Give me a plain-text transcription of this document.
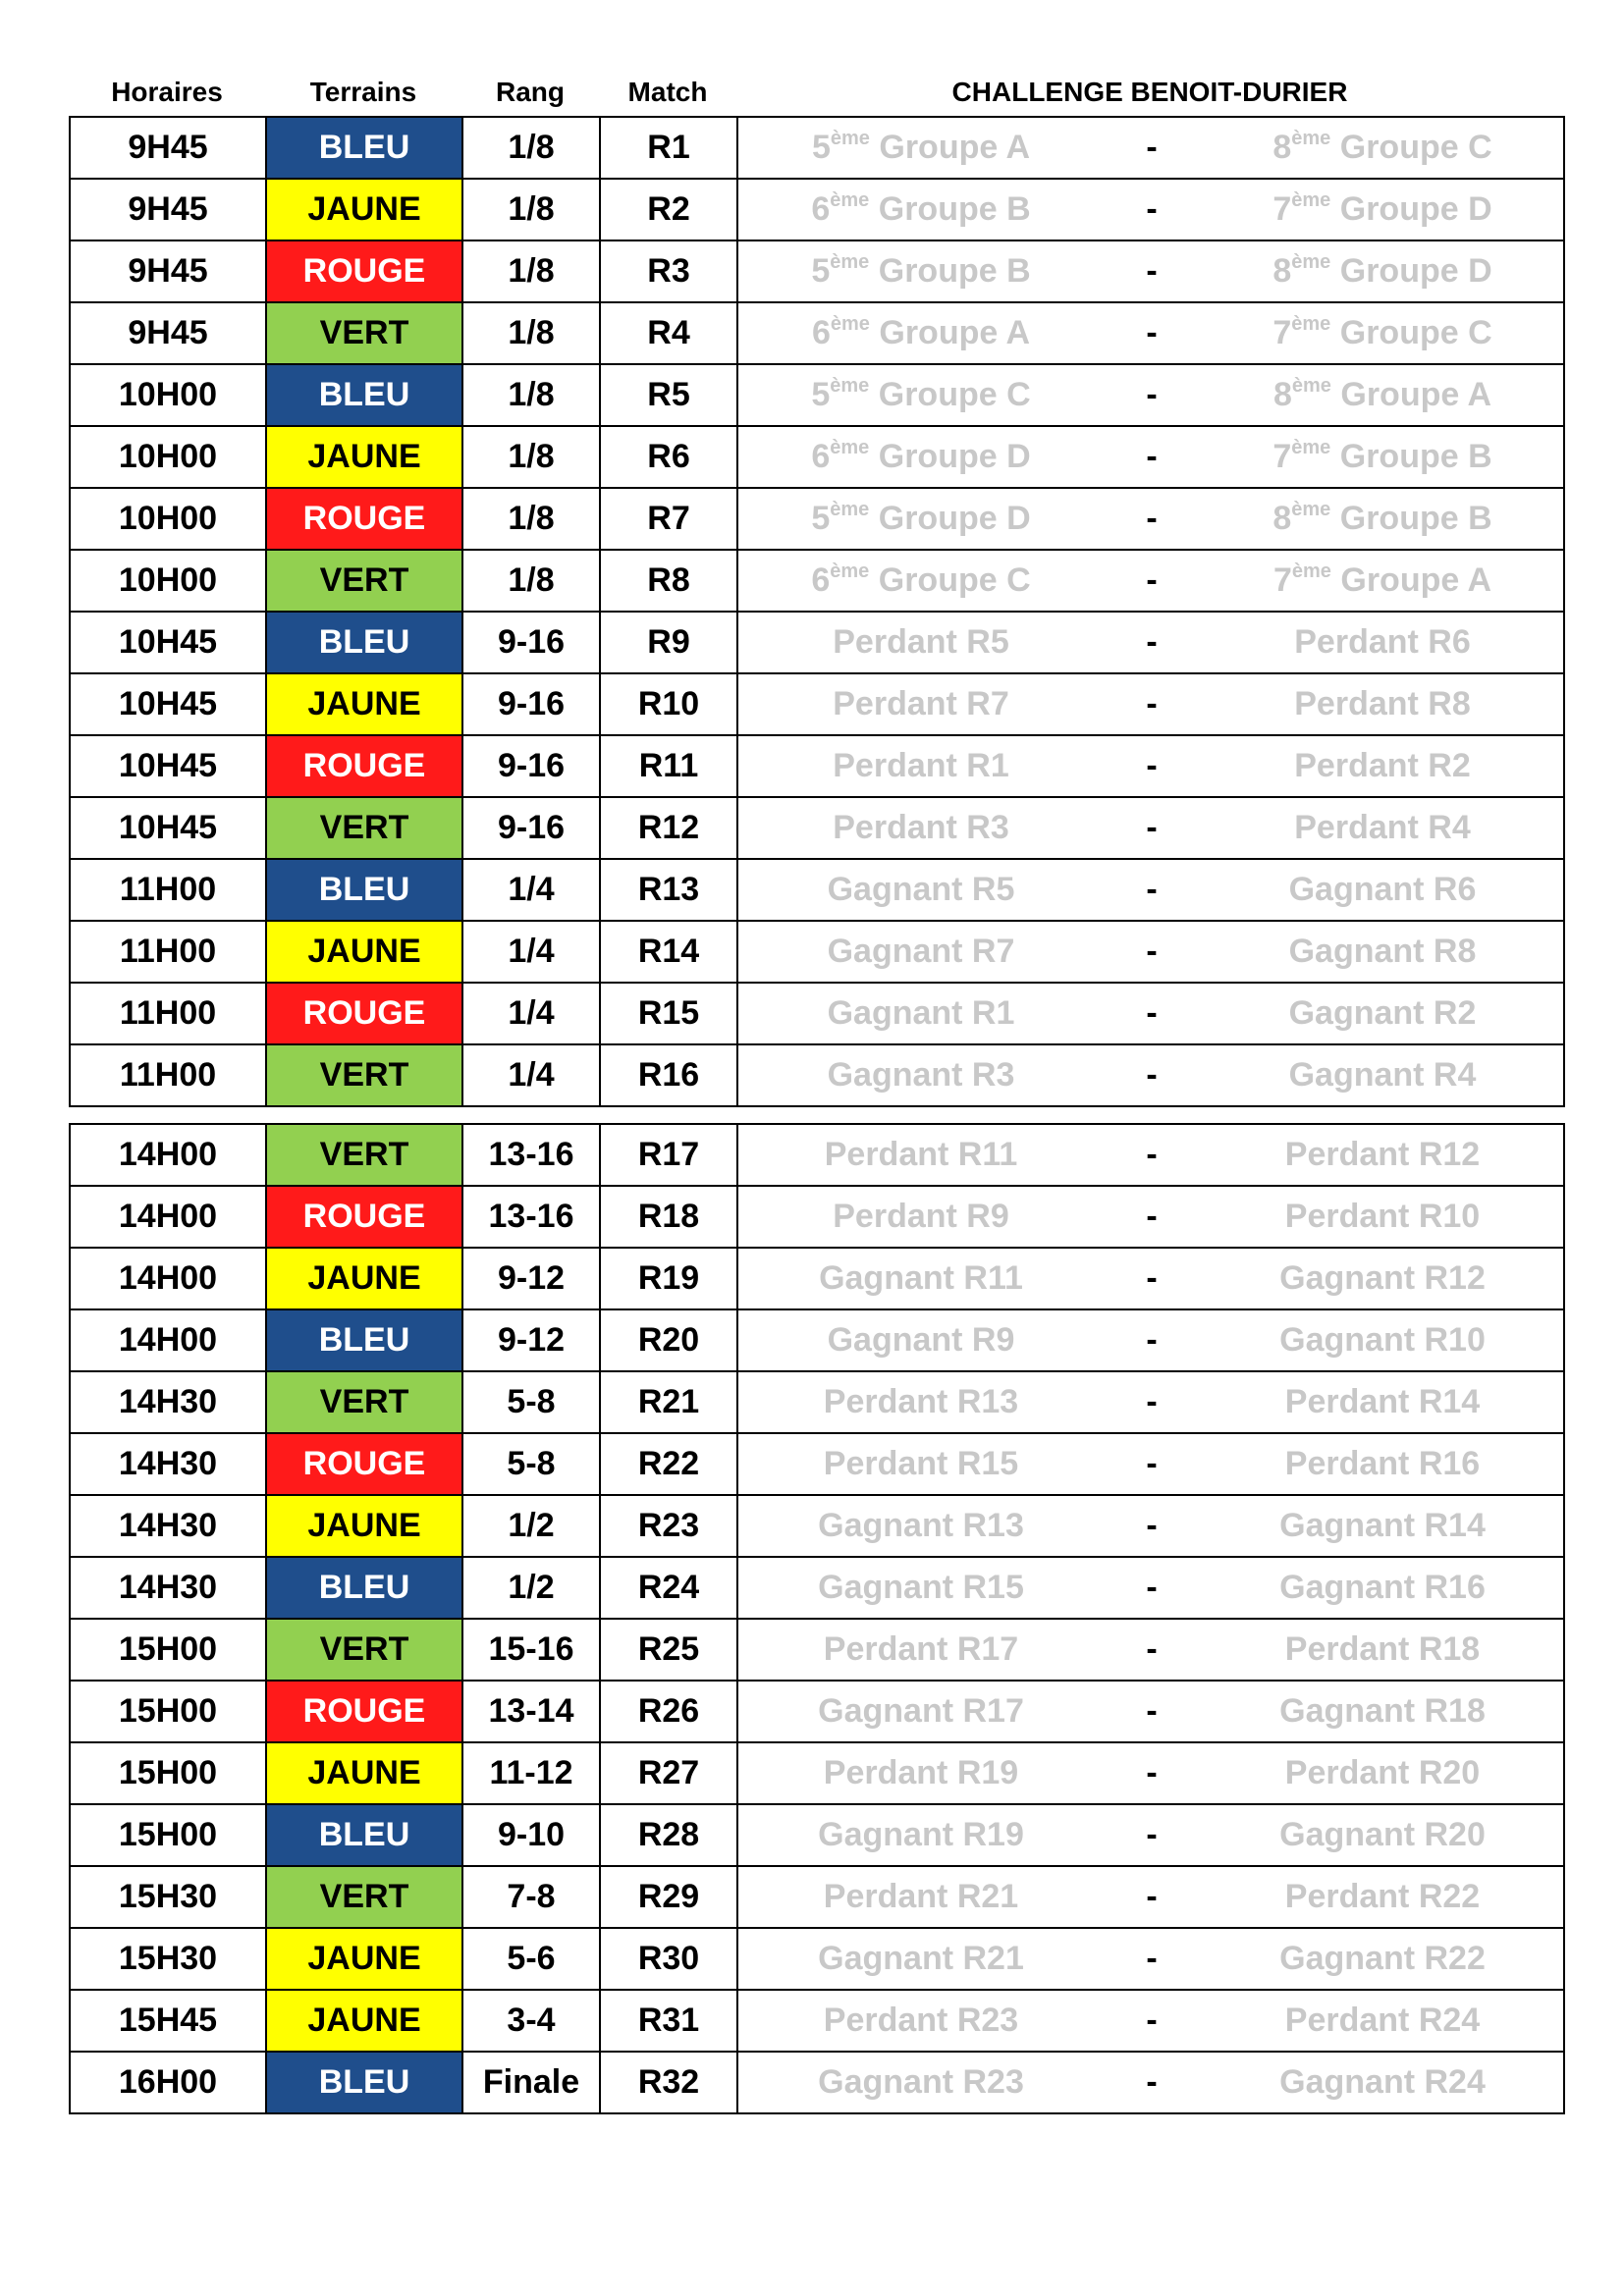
Horaires	Terrains	Rang	Match	CHALLENGE BENOIT-DURIER
9H45	BLEU	1/8	R1	5ème Groupe A - 8ème Groupe C

9H45	JAUNE	1/8	R2	6ème Groupe B - 7ème Groupe D

9H45	ROUGE	1/8	R3	5ème Groupe B - 8ème Groupe D

9H45	VERT	1/8	R4	6ème Groupe A - 7ème Groupe C

10H00	BLEU	1/8	R5	5ème Groupe C - 8ème Groupe A

10H00	JAUNE	1/8	R6	6ème Groupe D - 7ème Groupe B

10H00	ROUGE	1/8	R7	5ème Groupe D - 8ème Groupe B

10H00	VERT	1/8	R8	6ème Groupe C - 7ème Groupe A

10H45	BLEU	9-16	R9	Perdant R5 - Perdant R6

10H45	JAUNE	9-16	R10	Perdant R7 - Perdant R8

10H45	ROUGE	9-16	R11	Perdant R1 - Perdant R2

10H45	VERT	9-16	R12	Perdant R3 - Perdant R4

11H00	BLEU	1/4	R13	Gagnant R5 - Gagnant R6

11H00	JAUNE	1/4	R14	Gagnant R7 - Gagnant R8

11H00	ROUGE	1/4	R15	Gagnant R1 - Gagnant R2

11H00	VERT	1/4	R16	Gagnant R3 - Gagnant R4
14H00	VERT	13-16	R17	Perdant R11 - Perdant R12

14H00	ROUGE	13-16	R18	Perdant R9 - Perdant R10

14H00	JAUNE	9-12	R19	Gagnant R11 - Gagnant R12

14H00	BLEU	9-12	R20	Gagnant R9 - Gagnant R10

14H30	VERT	5-8	R21	Perdant R13 - Perdant R14

14H30	ROUGE	5-8	R22	Perdant R15 - Perdant R16

14H30	JAUNE	1/2	R23	Gagnant R13 - Gagnant R14

14H30	BLEU	1/2	R24	Gagnant R15 - Gagnant R16

15H00	VERT	15-16	R25	Perdant R17 - Perdant R18

15H00	ROUGE	13-14	R26	Gagnant R17 - Gagnant R18

15H00	JAUNE	11-12	R27	Perdant R19 - Perdant R20

15H00	BLEU	9-10	R28	Gagnant R19 - Gagnant R20

15H30	VERT	7-8	R29	Perdant R21 - Perdant R22

15H30	JAUNE	5-6	R30	Gagnant R21 - Gagnant R22

15H45	JAUNE	3-4	R31	Perdant R23 - Perdant R24

16H00	BLEU	Finale	R32	Gagnant R23 - Gagnant R24
